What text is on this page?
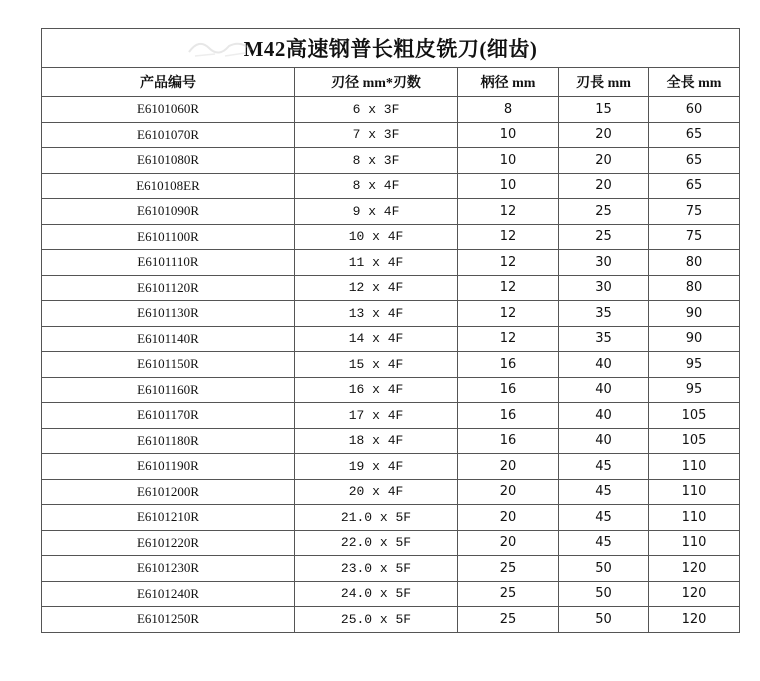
M42高速钢普长粗皮铣刀(细齿)				
产品编号	刃径 mm*刃数	柄径 mm	刃長 mm	全長 mm
E6101060R	6 x 3F	8	15	60
E6101070R	7 x 3F	10	20	65
E6101080R	8 x 3F	10	20	65
E610108ER	8 x 4F	10	20	65
E6101090R	9 x 4F	12	25	75
E6101100R	10 x 4F	12	25	75
E6101110R	11 x 4F	12	30	80
E6101120R	12 x 4F	12	30	80
E6101130R	13 x 4F	12	35	90
E6101140R	14 x 4F	12	35	90
E6101150R	15 x 4F	16	40	95
E6101160R	16 x 4F	16	40	95
E6101170R	17 x 4F	16	40	105
E6101180R	18 x 4F	16	40	105
E6101190R	19 x 4F	20	45	110
E6101200R	20 x 4F	20	45	110
E6101210R	21.0 x 5F	20	45	110
E6101220R	22.0 x 5F	20	45	110
E6101230R	23.0 x 5F	25	50	120
E6101240R	24.0 x 5F	25	50	120
E6101250R	25.0 x 5F	25	50	120
